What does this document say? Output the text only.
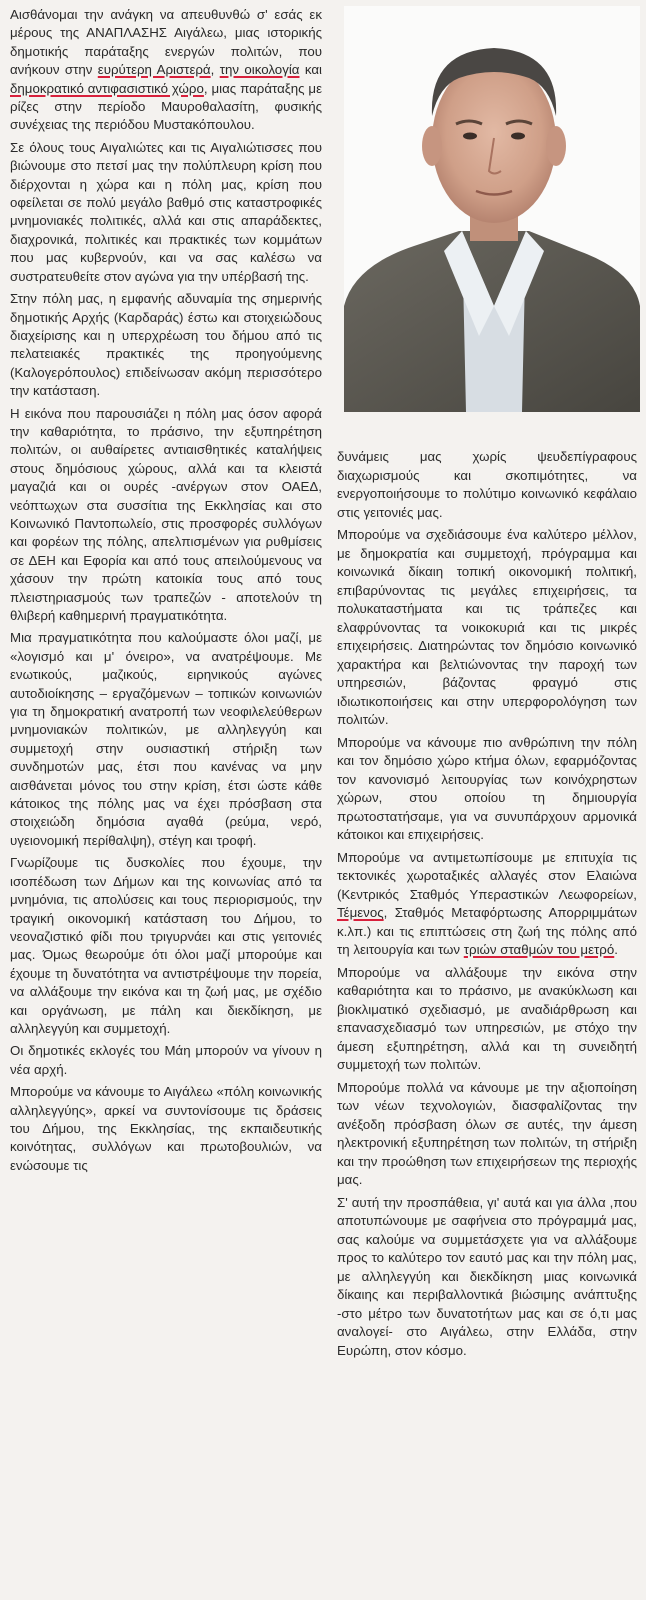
Αισθάνομαι την ανάγκη να απευθυνθώ σ' εσάς εκ μέρους της ΑΝΑΠΛΑΣΗΣ Αιγάλεω, μιας ιστορικής δημοτικής παράταξης ενεργών πολιτών, που ανήκουν στην ευρύτερη Αριστερά, την οικολογία και δημοκρατικό αντιφασιστικό χώρο, μιας παράταξης με ρίζες στην περίοδο Μαυροθαλασίτη, φυσικής συνέχειας της περιόδου Μυστακόπουλου.

Σε όλους τους Αιγαλιώτες και τις Αιγαλιώτισσες που βιώνουμε στο πετσί μας την πολύπλευρη κρίση που διέρχονται η χώρα και η πόλη μας, κρίση που οφείλεται σε πολύ μεγάλο βαθμό στις καταστροφικές μνημονιακές πολιτικές, αλλά και στις απαράδεκτες, διαχρονικά, πολιτικές και πρακτικές των κομμάτων που μας κυβερνούν, και να σας καλέσω να συστρατευθείτε στον αγώνα για την υπέρβασή της.

Στην πόλη μας, η εμφανής αδυναμία της σημερινής δημοτικής Αρχής (Καρδαράς) έστω και στοιχειώδους διαχείρισης και η υπερχρέωση του δήμου από τις πελατειακές πρακτικές της προηγούμενης (Καλογερόπουλος) επιδείνωσαν ακόμη περισσότερο την κατάσταση.

Η εικόνα που παρουσιάζει η πόλη μας όσον αφορά την καθαριότητα, το πράσινο, την εξυπηρέτηση πολιτών, οι αυθαίρετες αντιαισθητικές καταλήψεις στους δημόσιους χώρους, αλλά και τα κλειστά μαγαζιά και οι ουρές -ανέργων στον ΟΑΕΔ, νεόπτωχων στα συσσίτια της Εκκλησίας και στο Κοινωνικό Παντοπωλείο, στις προσφορές συλλόγων και φορέων της πόλης, απελπισμένων για ρυθμίσεις σε ΔΕΗ και Εφορία και από τους απειλούμενους να χάσουν την πρώτη κατοικία τους από τους πλειστηριασμούς των τραπεζών - αποτελούν τη θλιβερή καθημερινή πραγματικότητα.

Μια πραγματικότητα που καλούμαστε όλοι μαζί, με «λογισμό και μ' όνειρο», να ανατρέψουμε. Με ενωτικούς, μαζικούς, ειρηνικούς αγώνες αυτοδιοίκησης – εργαζόμενων – τοπικών κοινωνιών για τη δημοκρατική ανατροπή των νεοφιλελεύθερων μνημονιακών πολιτικών, με αλληλεγγύη και συμμετοχή στην ουσιαστική στήριξη των συνδημοτών μας, έτσι που κανένας να μην αισθάνεται μόνος του στην κρίση, έτσι ώστε κάθε κάτοικος της πόλης μας να έχει πρόσβαση στα στοιχειώδη δημόσια αγαθά (ρεύμα, νερό, υγειονομική περίθαλψη), στέγη και τροφή.

Γνωρίζουμε τις δυσκολίες που έχουμε, την ισοπέδωση των Δήμων και της κοινωνίας από τα μνημόνια, τις απολύσεις και τους περιορισμούς, την τραγική οικονομική κατάσταση του Δήμου, το νεοναζιστικό φίδι που τριγυρνάει και στις γειτονιές μας. Όμως θεωρούμε ότι όλοι μαζί μπορούμε και έχουμε τη δυνατότητα να αντιστρέψουμε την πορεία, να αλλάξουμε την εικόνα και τη ζωή μας, με σχέδιο και οργάνωση, με πάλη και διεκδίκηση, με αλληλεγγύη και συμμετοχή.

Οι δημοτικές εκλογές του Μάη μπορούν να γίνουν η νέα αρχή.

Μπορούμε να κάνουμε το Αιγάλεω «πόλη κοινωνικής αλληλεγγύης», αρκεί να συντονίσουμε τις δράσεις του Δήμου, της Εκκλησίας, της εκπαιδευτικής κοινότητας, συλλόγων και πρωτοβουλιών, να ενώσουμε τις

δυνάμεις μας χωρίς ψευδεπίγραφους διαχωρισμούς και σκοπιμότητες, να ενεργοποιήσουμε το πολύτιμο κοινωνικό κεφάλαιο στις γειτονιές μας.

Μπορούμε να σχεδιάσουμε ένα καλύτερο μέλλον, με δημοκρατία και συμμετοχή, πρόγραμμα και κοινωνικά δίκαιη τοπική οικονομική πολιτική, επιβαρύνοντας τις μεγάλες επιχειρήσεις, τα πολυκαταστήματα και τις τράπεζες και ελαφρύνοντας τα νοικοκυριά και τις μικρές επιχειρήσεις. Διατηρώντας τον δημόσιο κοινωνικό χαρακτήρα και βελτιώνοντας την παροχή των υπηρεσιών, βάζοντας φραγμό στις ιδιωτικοποιήσεις και στην υπερφορολόγηση των πολιτών.

Μπορούμε να κάνουμε πιο ανθρώπινη την πόλη και τον δημόσιο χώρο κτήμα όλων, εφαρμόζοντας τον κανονισμό λειτουργίας των κοινόχρηστων χώρων, στου οποίου τη δημιουργία πρωτοστατήσαμε, για να συνυπάρχουν αρμονικά κάτοικοι και επιχειρήσεις.

Μπορούμε να αντιμετωπίσουμε με επιτυχία τις τεκτονικές χωροταξικές αλλαγές στον Ελαιώνα (Κεντρικός Σταθμός Υπεραστικών Λεωφορείων, Τέμενος, Σταθμός Μεταφόρτωσης Απορριμμάτων κ.λπ.) και τις επιπτώσεις στη ζωή της πόλης από τη λειτουργία και των τριών σταθμών του μετρό.

Μπορούμε να αλλάξουμε την εικόνα στην καθαριότητα και το πράσινο, με ανακύκλωση και βιοκλιματικό σχεδιασμό, με αναδιάρθρωση και επανασχεδιασμό των υπηρεσιών, με στόχο την άμεση εξυπηρέτηση, αλλά και τη συνειδητή συμμετοχή των πολιτών.

Μπορούμε πολλά να κάνουμε με την αξιοποίηση των νέων τεχνολογιών, διασφαλίζοντας την ανέξοδη πρόσβαση όλων σε αυτές, την άμεση ηλεκτρονική εξυπηρέτηση των πολιτών, τη στήριξη και την προώθηση των επιχειρήσεων της περιοχής μας.

Σ' αυτή την προσπάθεια, γι' αυτά και για άλλα ,που αποτυπώνουμε με σαφήνεια στο πρόγραμμά μας, σας καλούμε να συμμετάσχετε για να αλλάξουμε προς το καλύτερο τον εαυτό μας και την πόλη μας, με αλληλεγγύη και διεκδίκηση μιας κοινωνικά δίκαιης και περιβαλλοντικά βιώσιμης ανάπτυξης -στο μέτρο των δυνατοτήτων μας και σε ό,τι μας αναλογεί- στο Αιγάλεω, στην Ελλάδα, στην Ευρώπη, στον κόσμο.
